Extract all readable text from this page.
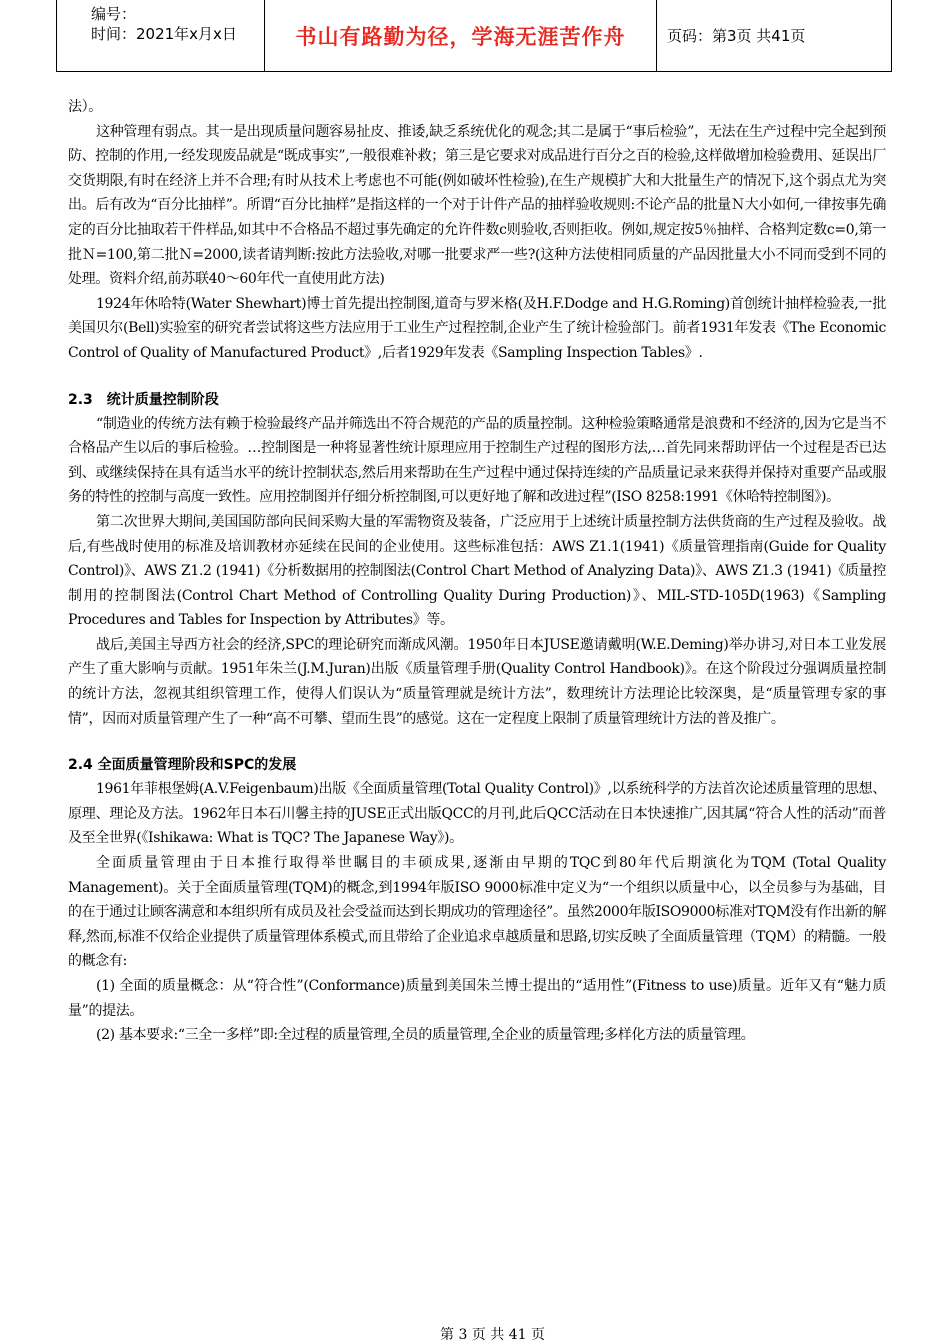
编号：
时间：2021年x月x日	书山有路勤为径，学海无涯苦作舟	页码：第3页 共41页

法）。

这种管理有弱点。其一是出现质量问题容易扯皮、推诿,缺乏系统优化的观念;其二是属于“事后检验”，无法在生产过程中完全起到预防、控制的作用,一经发现废品就是“既成事实”,一般很难补救；第三是它要求对成品进行百分之百的检验,这样做增加检验费用、延误出厂交货期限,有时在经济上并不合理;有时从技术上考虑也不可能(例如破坏性检验),在生产规模扩大和大批量生产的情况下,这个弱点尤为突出。后有改为“百分比抽样”。所谓“百分比抽样”是指这样的一个对于计件产品的抽样验收规则:不论产品的批量Ｎ大小如何,一律按事先确定的百分比抽取若干件样品,如其中不合格品不超过事先确定的允许件数c则验收,否则拒收。例如,规定按5％抽样、合格判定数c=0,第一批Ｎ=100,第二批Ｎ=2000,读者请判断:按此方法验收,对哪一批要求严一些?(这种方法使相同质量的产品因批量大小不同而受到不同的处理。资料介绍,前苏联40～60年代一直使用此方法)

1924年休哈特(Water Shewhart)博士首先提出控制图,道奇与罗米格(及H.F.Dodge and H.G.Roming)首创统计抽样检验表,一批美国贝尔(Bell)实验室的研究者尝试将这些方法应用于工业生产过程控制,企业产生了统计检验部门。前者1931年发表《The Economic Control of Quality of Manufactured Product》,后者1929年发表《Sampling Inspection Tables》.

2.3　统计质量控制阶段

“制造业的传统方法有赖于检验最终产品并筛选出不符合规范的产品的质量控制。这种检验策略通常是浪费和不经济的,因为它是当不合格品产生以后的事后检验。…控制图是一种将显著性统计原理应用于控制生产过程的图形方法,…首先同来帮助评估一个过程是否已达到、或继续保持在具有适当水平的统计控制状态,然后用来帮助在生产过程中通过保持连续的产品质量记录来获得并保持对重要产品或服务的特性的控制与高度一致性。应用控制图并仔细分析控制图,可以更好地了解和改进过程”(ISO 8258:1991《休哈特控制图》)。

第二次世界大期间,美国国防部向民间采购大量的军需物资及装备，广泛应用于上述统计质量控制方法供货商的生产过程及验收。战后,有些战时使用的标准及培训教材亦延续在民间的企业使用。这些标准包括：AWS Z1.1(1941)《质量管理指南(Guide for Quality Control)》、AWS Z1.2 (1941)《分析数据用的控制图法(Control Chart Method of Analyzing Data)》、AWS Z1.3 (1941)《质量控制用的控制图法(Control Chart Method of Controlling Quality During Production)》、MIL-STD-105D(1963)《Sampling Procedures and Tables for Inspection by Attributes》等。

战后,美国主导西方社会的经济,SPC的理论研究而渐成风潮。1950年日本JUSE邀请戴明(W.E.Deming)举办讲习,对日本工业发展产生了重大影响与贡献。1951年朱兰(J.M.Juran)出版《质量管理手册(Quality Control Handbook)》。在这个阶段过分强调质量控制的统计方法，忽视其组织管理工作，使得人们误认为“质量管理就是统计方法”，数理统计方法理论比较深奥，是“质量管理专家的事情”，因而对质量管理产生了一种“高不可攀、望而生畏”的感觉。这在一定程度上限制了质量管理统计方法的普及推广。

2.4 全面质量管理阶段和SPC的发展

1961年菲根堡姆(A.V.Feigenbaum)出版《全面质量管理(Total Quality Control)》,以系统科学的方法首次论述质量管理的思想、原理、理论及方法。1962年日本石川馨主持的JUSE正式出版QCC的月刊,此后QCC活动在日本快速推广,因其属“符合人性的活动”而普及至全世界(《Ishikawa: What is TQC? The Japanese Way》)。

全面质量管理由于日本推行取得举世瞩目的丰硕成果,逐渐由早期的TQC到80年代后期演化为TQM (Total Quality Management)。关于全面质量管理(TQM)的概念,到1994年版ISO 9000标准中定义为“一个组织以质量中心，以全员参与为基础，目的在于通过让顾客满意和本组织所有成员及社会受益而达到长期成功的管理途径”。虽然2000年版ISO9000标准对TQM没有作出新的解释,然而,标准不仅给企业提供了质量管理体系模式,而且带给了企业追求卓越质量和思路,切实反映了全面质量管理（TQM）的精髓。一般的概念有:

(1) 全面的质量概念：从“符合性”(Conformance)质量到美国朱兰博士提出的“适用性”(Fitness to use)质量。近年又有“魅力质量”的提法。

(2) 基本要求:“三全一多样”即:全过程的质量管理,全员的质量管理,全企业的质量管理;多样化方法的质量管理。

第 3 页 共 41 页
